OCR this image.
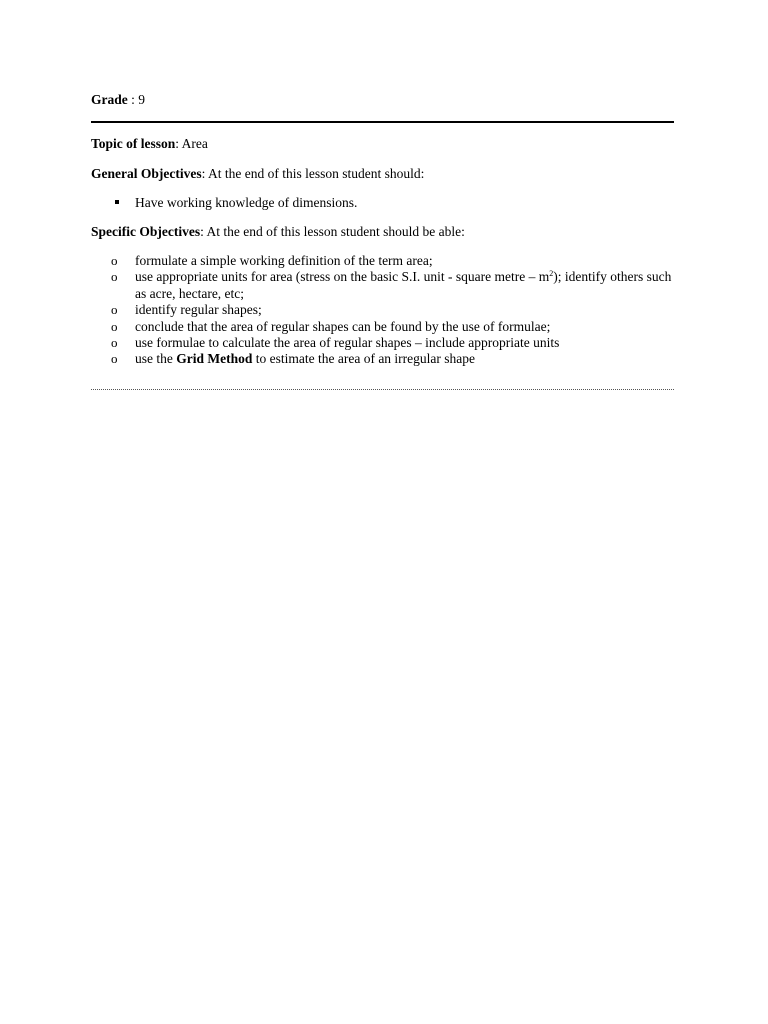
Grade : 9
Topic of lesson: Area
General Objectives: At the end of this lesson student should:
Have working knowledge of dimensions.
Specific Objectives: At the end of this lesson student should be able:
o formulate a simple working definition of the term area;
o use appropriate units for area (stress on the basic S.I. unit - square metre – $m^2$); identify others such as acre, hectare, etc;
o identify regular shapes;
o conclude that the area of regular shapes can be found by the use of formulae;
o use formulae to calculate the area of regular shapes – include appropriate units
o use the Grid Method to estimate the area of an irregular shape
